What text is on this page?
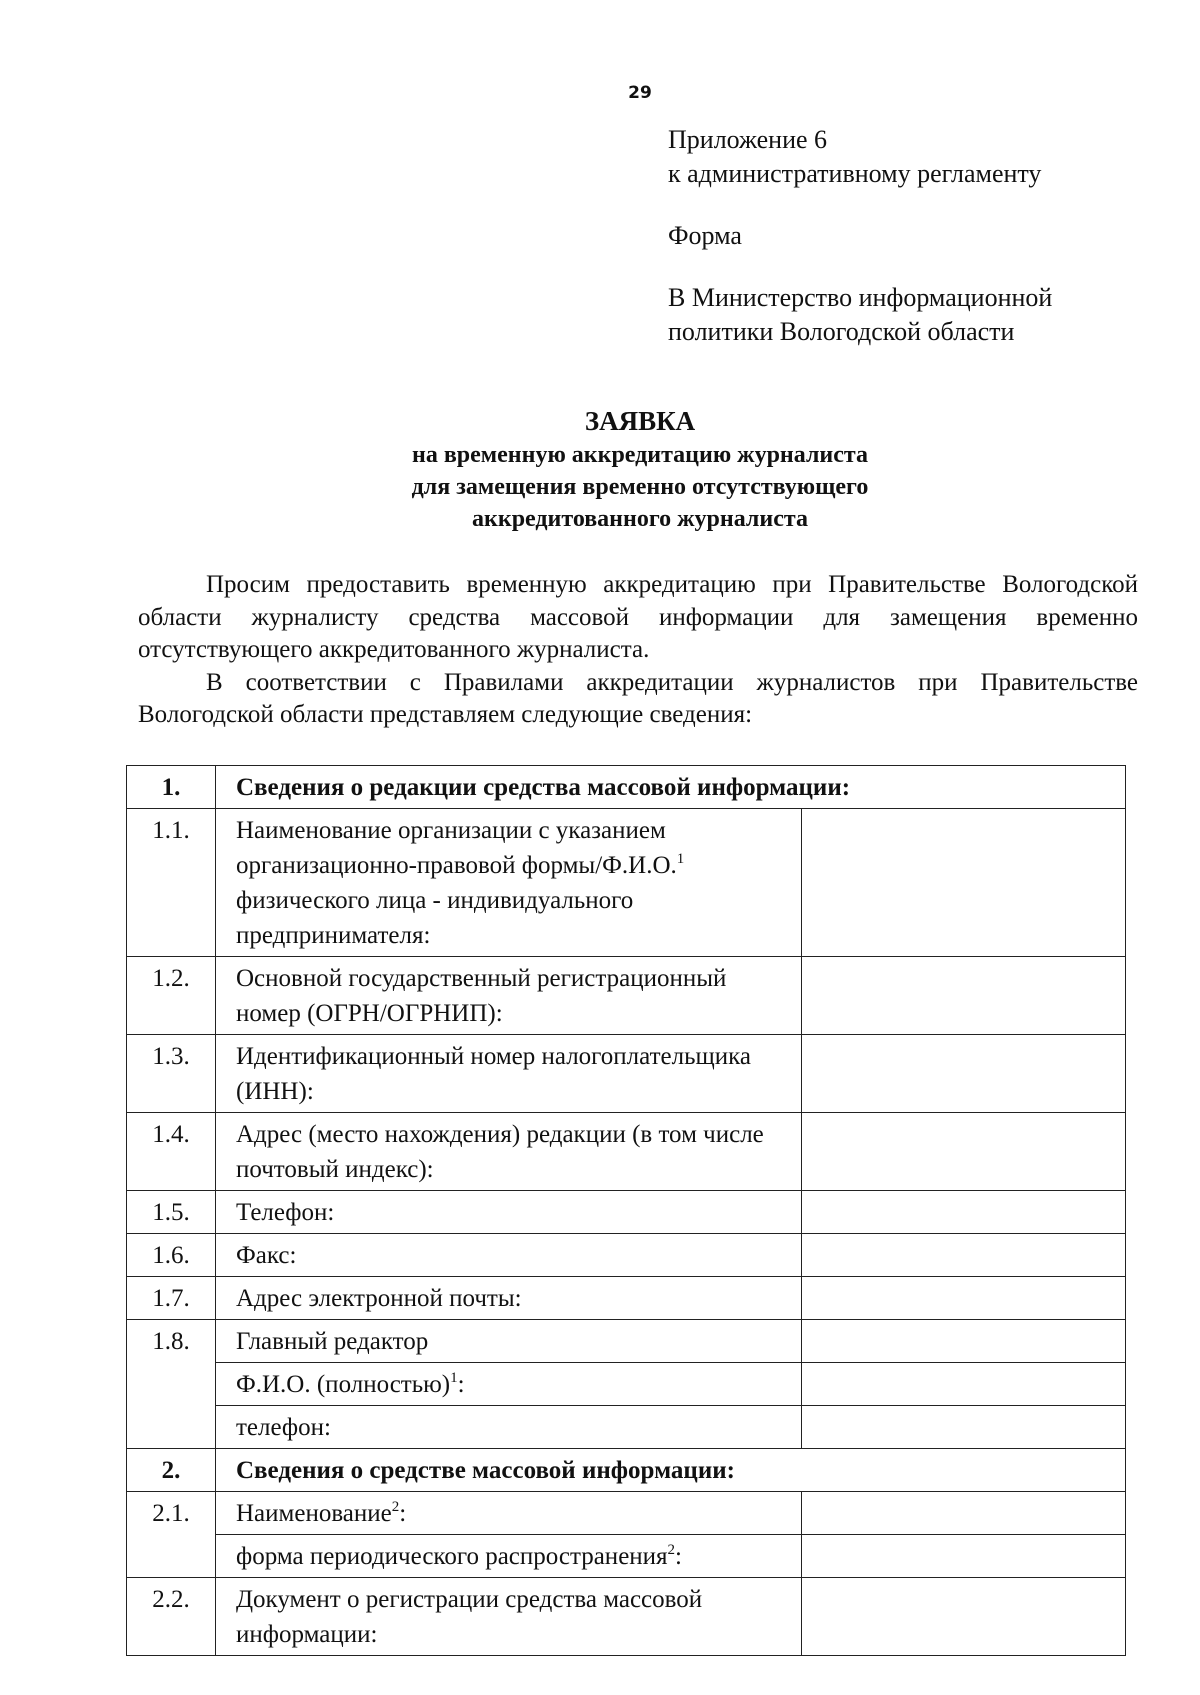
29

Приложение 6

к административному регламенту

Форма

В Министерство информационной

политики Вологодской области

ЗАЯВКА
на временную аккредитацию журналиста
для замещения временно отсутствующего
аккредитованного журналиста

Просим предоставить временную аккредитацию при Правительстве Вологодской области журналисту средства массовой информации для замещения временно отсутствующего аккредитованного журналиста.

В соответствии с Правилами аккредитации журналистов при Правительстве Вологодской области представляем следующие сведения:

1.	Сведения о редакции средства массовой информации:	
1.1.	Наименование организации с указанием организационно-правовой формы/Ф.И.О.$^1$ физического лица - индивидуального предпринимателя:	
1.2.	Основной государственный регистрационный номер (ОГРН/ОГРНИП):	
1.3.	Идентификационный номер налогоплательщика (ИНН):	
1.4.	Адрес (место нахождения) редакции (в том числе почтовый индекс):	
1.5.	Телефон:	
1.6.	Факс:	
1.7.	Адрес электронной почты:	
1.8.	Главный редактор	
	Ф.И.О. (полностью)$^1$:	
	телефон:	
2.	Сведения о средстве массовой информации:	
2.1.	Наименование$^2$:	
	форма периодического распространения$^2$:	
2.2.	Документ о регистрации средства массовой информации:	
